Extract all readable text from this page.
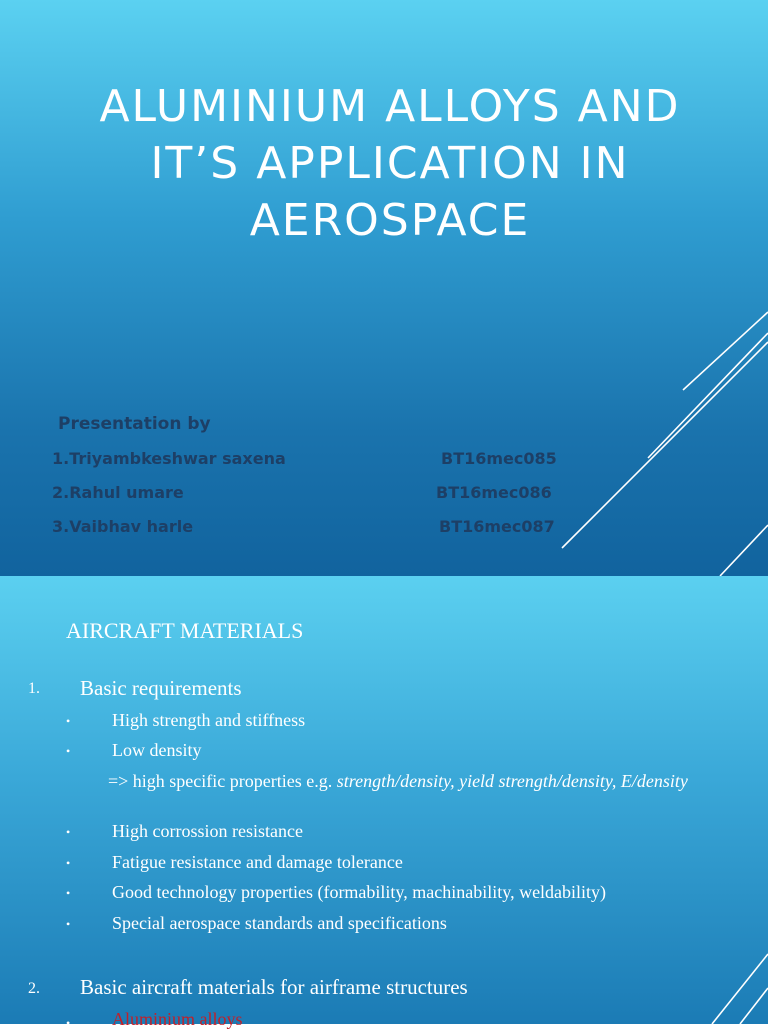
ALUMINIUM ALLOYS AND
IT’S APPLICATION IN
AEROSPACE
Presentation by
1.Triyambkeshwar saxena	BT16mec085
2.Rahul umare	BT16mec086
3.Vaibhav harle	BT16mec087
AIRCRAFT MATERIALS
1. Basic requirements
• High strength and stiffness
• Low density
=> high specific properties e.g. strength/density, yield strength/density, E/density
• High corrossion resistance
• Fatigue resistance and damage tolerance
• Good technology properties (formability, machinability, weldability)
• Special aerospace standards and specifications
2. Basic aircraft materials for airframe structures
• Aluminium alloys
